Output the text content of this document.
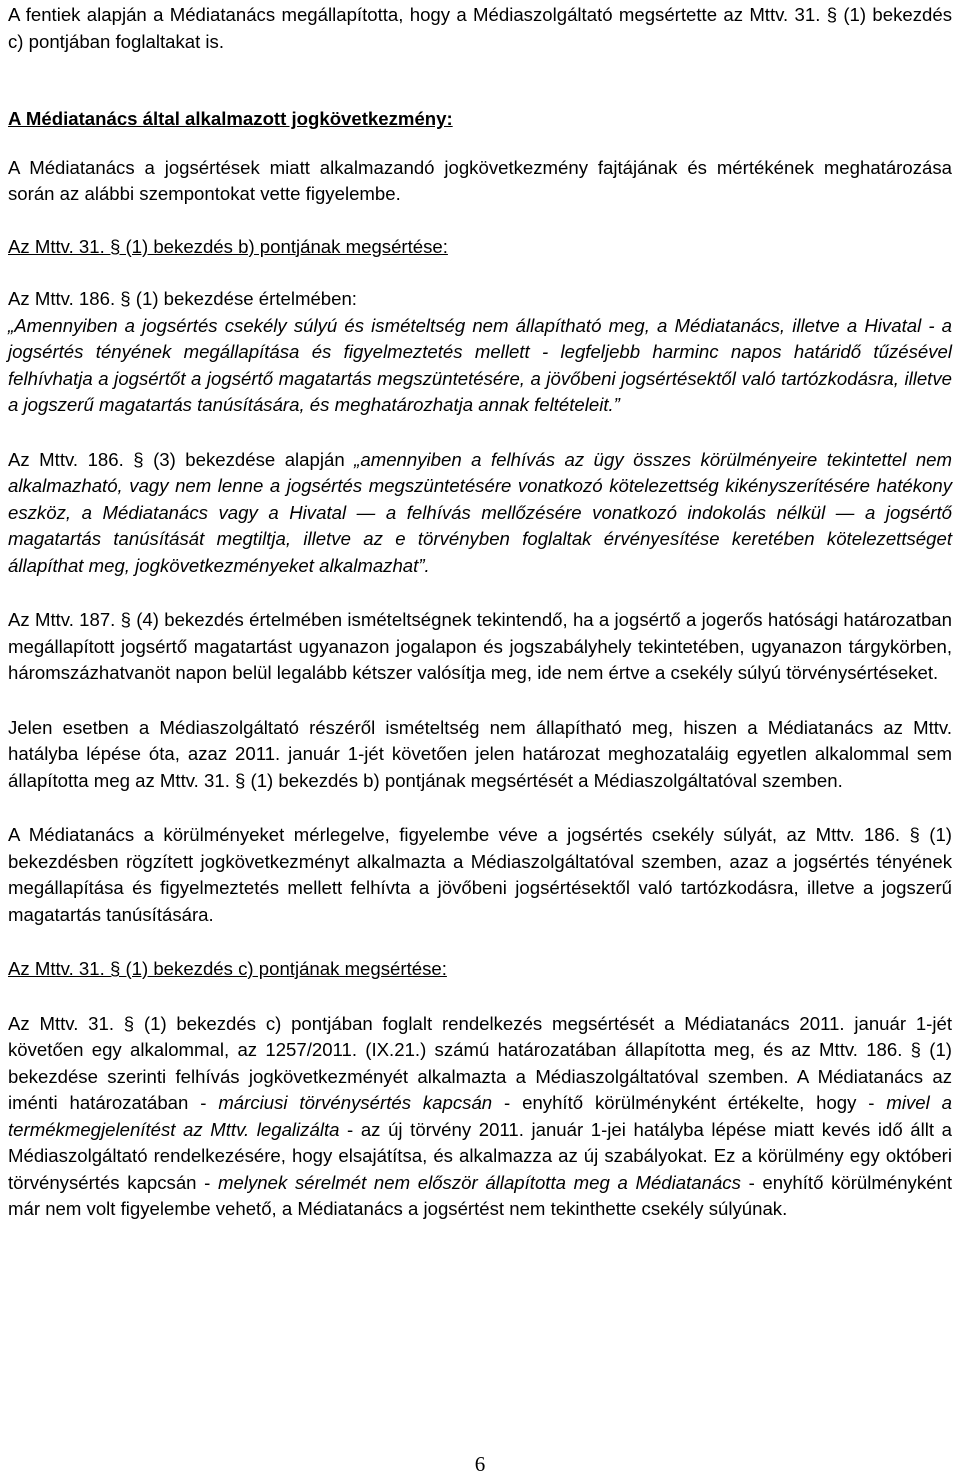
A fentiek alapján a Médiatanács megállapította, hogy a Médiaszolgáltató megsértette az Mttv. 31. § (1) bekezdés c) pontjában foglaltakat is.

A Médiatanács által alkalmazott jogkövetkezmény:

A Médiatanács a jogsértések miatt alkalmazandó jogkövetkezmény fajtájának és mértékének meghatározása során az alábbi szempontokat vette figyelembe.

Az Mttv. 31. § (1) bekezdés b) pontjának megsértése:

Az Mttv. 186. § (1) bekezdése értelmében:

„Amennyiben a jogsértés csekély súlyú és ismételtség nem állapítható meg, a Médiatanács, illetve a Hivatal - a jogsértés tényének megállapítása és figyelmeztetés mellett - legfeljebb harminc napos határidő tűzésével felhívhatja a jogsértőt a jogsértő magatartás megszüntetésére, a jövőbeni jogsértésektől való tartózkodásra, illetve a jogszerű magatartás tanúsítására, és meghatározhatja annak feltételeit.”

Az Mttv. 186. § (3) bekezdése alapján „amennyiben a felhívás az ügy összes körülményeire tekintettel nem alkalmazható, vagy nem lenne a jogsértés megszüntetésére vonatkozó kötelezettség kikényszerítésére hatékony eszköz, a Médiatanács vagy a Hivatal — a felhívás mellőzésére vonatkozó indokolás nélkül — a jogsértő magatartás tanúsítását megtiltja, illetve az e törvényben foglaltak érvényesítése keretében kötelezettséget állapíthat meg, jogkövetkezményeket alkalmazhat”.

Az Mttv. 187. § (4) bekezdés értelmében ismételtségnek tekintendő, ha a jogsértő a jogerős hatósági határozatban megállapított jogsértő magatartást ugyanazon jogalapon és jogszabályhely tekintetében, ugyanazon tárgykörben, háromszázhatvanöt napon belül legalább kétszer valósítja meg, ide nem értve a csekély súlyú törvénysértéseket.

Jelen esetben a Médiaszolgáltató részéről ismételtség nem állapítható meg, hiszen a Médiatanács az Mttv. hatályba lépése óta, azaz 2011. január 1-jét követően jelen határozat meghozataláig egyetlen alkalommal sem állapította meg az Mttv. 31. § (1) bekezdés b) pontjának megsértését a Médiaszolgáltatóval szemben.

A Médiatanács a körülményeket mérlegelve, figyelembe véve a jogsértés csekély súlyát, az Mttv. 186. § (1) bekezdésben rögzített jogkövetkezményt alkalmazta a Médiaszolgáltatóval szemben, azaz a jogsértés tényének megállapítása és figyelmeztetés mellett felhívta a jövőbeni jogsértésektől való tartózkodásra, illetve a jogszerű magatartás tanúsítására.

Az Mttv. 31. § (1) bekezdés c) pontjának megsértése:

Az Mttv. 31. § (1) bekezdés c) pontjában foglalt rendelkezés megsértését a Médiatanács 2011. január 1-jét követően egy alkalommal, az 1257/2011. (IX.21.) számú határozatában állapította meg, és az Mttv. 186. § (1) bekezdése szerinti felhívás jogkövetkezményét alkalmazta a Médiaszolgáltatóval szemben. A Médiatanács az iménti határozatában - márciusi törvénysértés kapcsán - enyhítő körülményként értékelte, hogy - mivel a termékmegjelenítést az Mttv. legalizálta - az új törvény 2011. január 1-jei hatályba lépése miatt kevés idő állt a Médiaszolgáltató rendelkezésére, hogy elsajátítsa, és alkalmazza az új szabályokat. Ez a körülmény egy októberi törvénysértés kapcsán - melynek sérelmét nem először állapította meg a Médiatanács - enyhítő körülményként már nem volt figyelembe vehető, a Médiatanács a jogsértést nem tekinthette csekély súlyúnak.

6
